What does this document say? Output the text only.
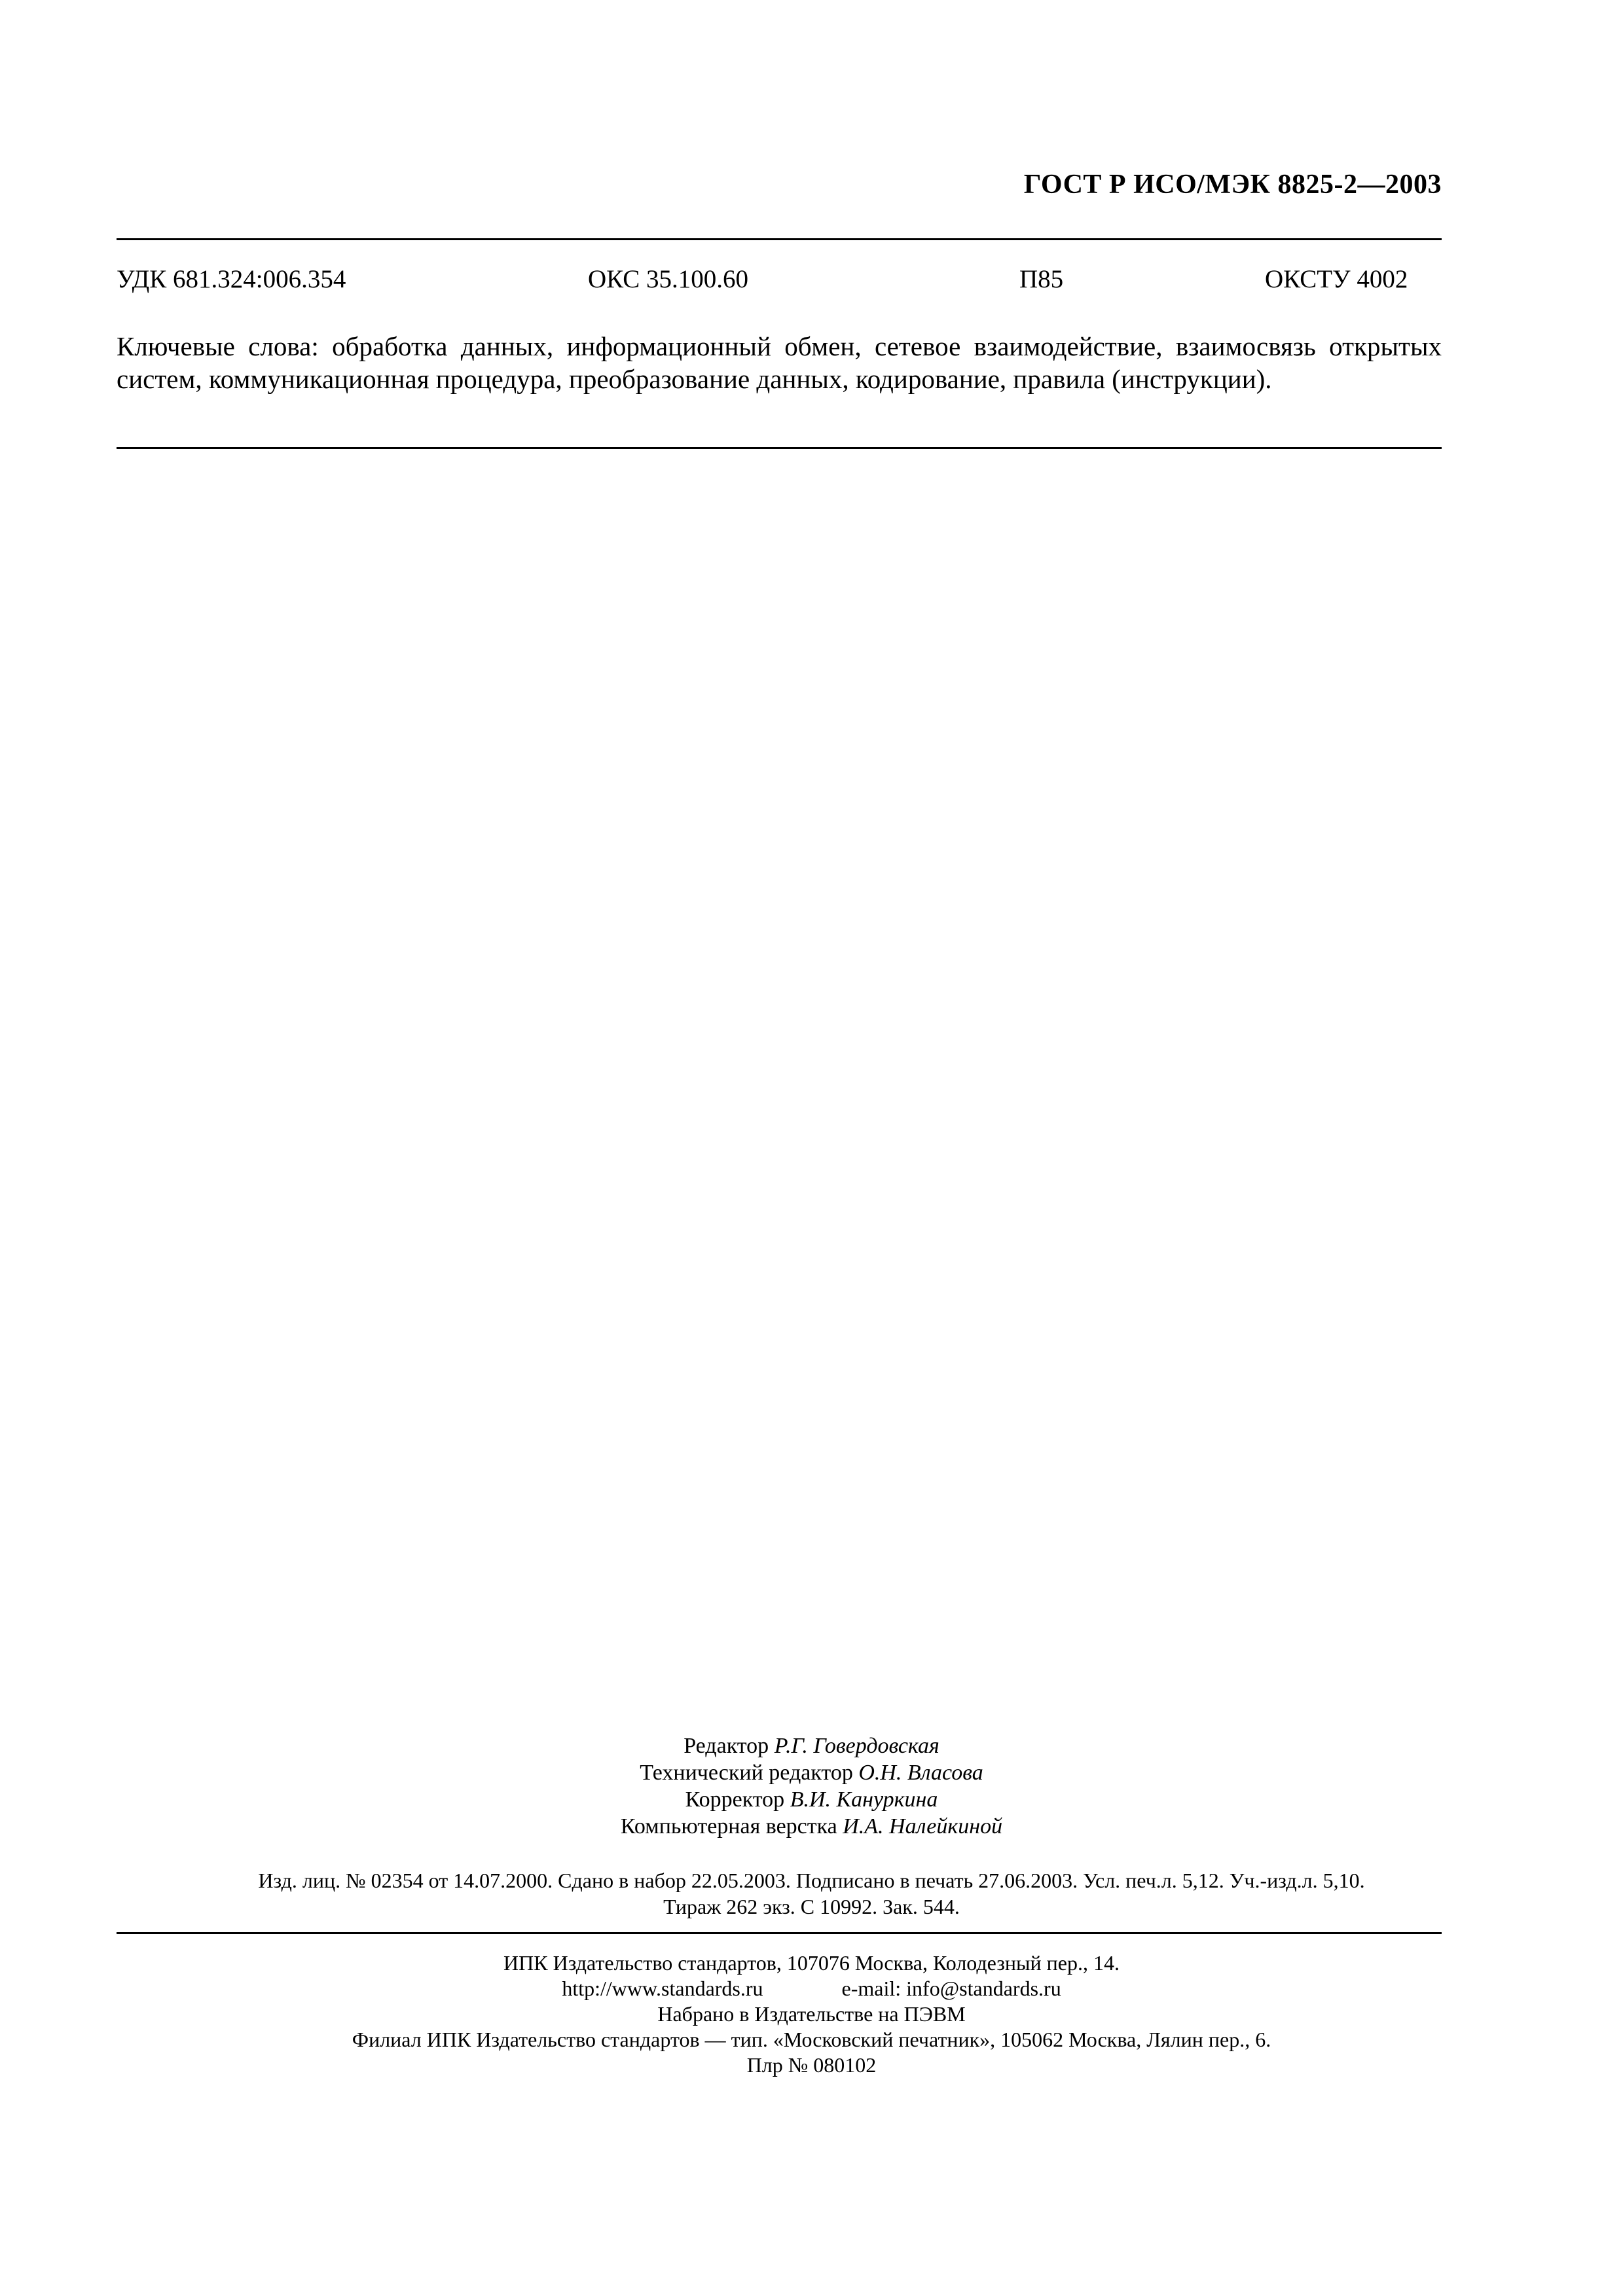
ГОСТ Р ИСО/МЭК 8825-2—2003
УДК 681.324:006.354	ОКС 35.100.60	П85	ОКСТУ 4002
Ключевые слова: обработка данных, информационный обмен, сетевое взаимодействие, взаимосвязь открытых систем, коммуникационная процедура, преобразование данных, кодирование, правила (инструкции).
Редактор Р.Г. Говердовская
Технический редактор О.Н. Власова
Корректор В.И. Кануркина
Компьютерная верстка И.А. Налейкиной
Изд. лиц. № 02354 от 14.07.2000. Сдано в набор 22.05.2003. Подписано в печать 27.06.2003. Усл. печ.л. 5,12. Уч.-изд.л. 5,10.
Тираж 262 экз. С 10992. Зак. 544.
ИПК Издательство стандартов, 107076 Москва, Колодезный пер., 14.
http://www.standards.ru	e-mail: info@standards.ru
Набрано в Издательстве на ПЭВМ
Филиал ИПК Издательство стандартов — тип. «Московский печатник», 105062 Москва, Лялин пер., 6.
Плр № 080102
